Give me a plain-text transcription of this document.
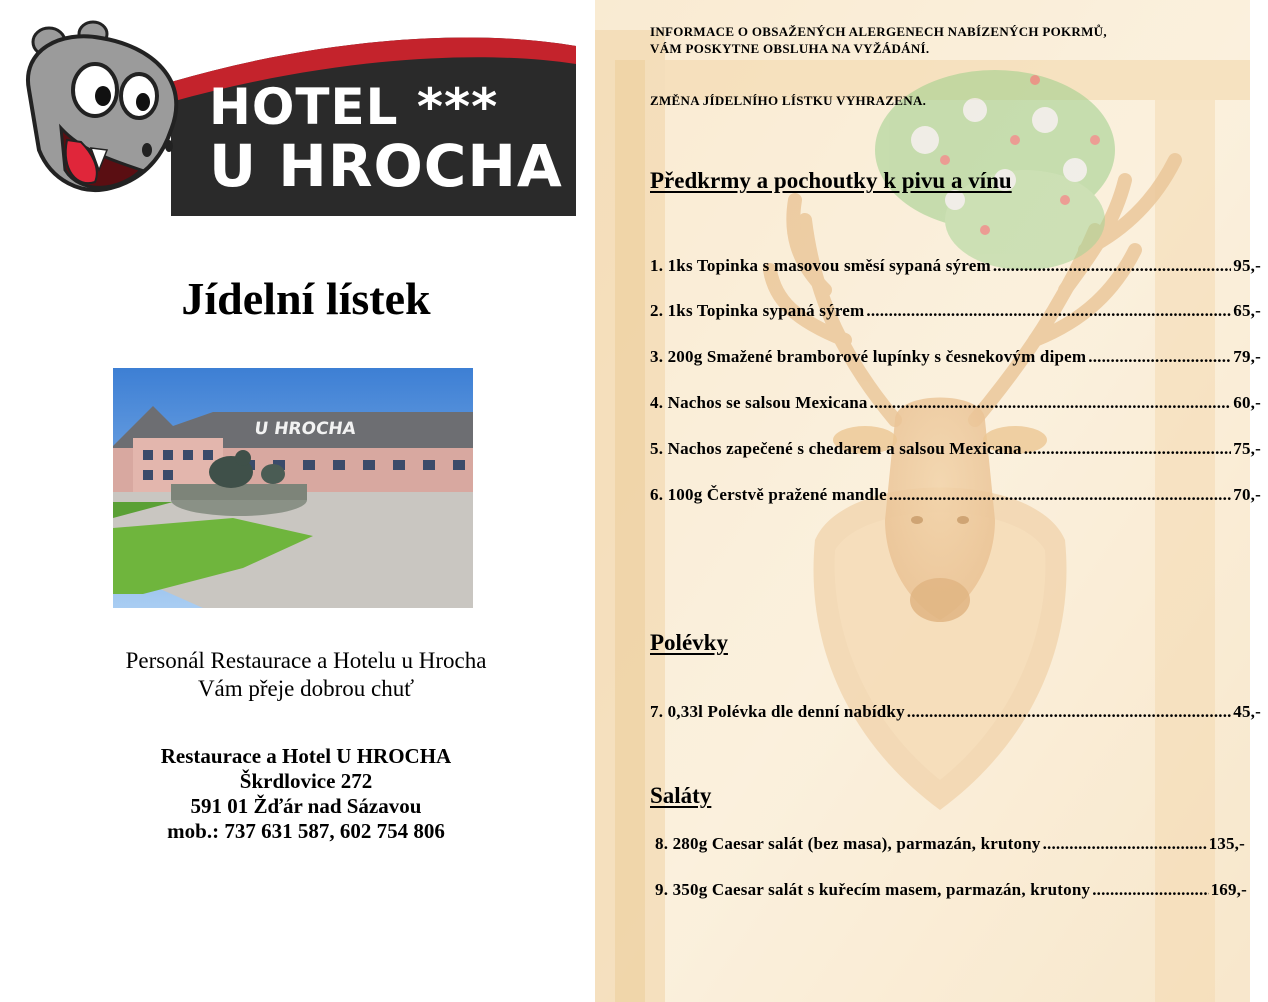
HOTEL ***
U HROCHA
Jídelní lístek
U HROCHA
Personál Restaurace a Hotelu u Hrocha
Vám přeje dobrou chuť
Restaurace a Hotel U HROCHA
Škrdlovice 272
591 01 Žďár nad Sázavou
mob.: 737 631 587, 602 754 806
INFORMACE O OBSAŽENÝCH ALERGENECH NABÍZENÝCH POKRMŮ,
VÁM POSKYTNE OBSLUHA NA VYŽÁDÁNÍ.
ZMĚNA JÍDELNÍHO LÍSTKU VYHRAZENA.
Předkrmy a pochoutky k pivu a vínu
1. 1ks Topinka s masovou směsí sypaná sýrem .....	95,-
2. 1ks Topinka sypaná sýrem .....	65,-
3. 200g Smažené bramborové lupínky s česnekovým dipem .....	79,-
4. Nachos se salsou Mexicana .....	60,-
5. Nachos zapečené s chedarem a salsou Mexicana .....	75,-
6. 100g Čerstvě pražené mandle .....	70,-
Polévky
7. 0,33l Polévka dle denní nabídky .....	45,-
Saláty
8. 280g Caesar salát (bez masa), parmazán, krutony .....	135,-
9. 350g Caesar salát s kuřecím masem, parmazán, krutony .....	169,-
